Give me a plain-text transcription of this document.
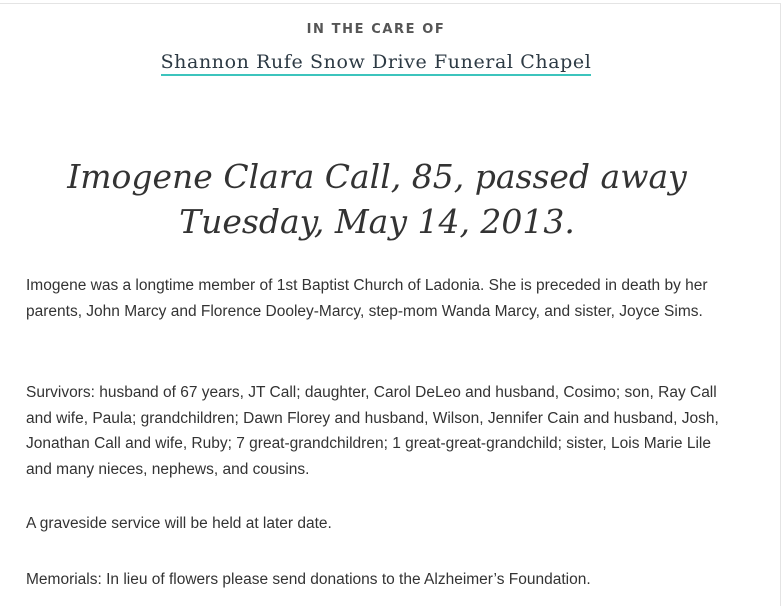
IN THE CARE OF
Shannon Rufe Snow Drive Funeral Chapel
Imogene Clara Call, 85, passed away Tuesday, May 14, 2013.

Imogene was a longtime member of 1st Baptist Church of Ladonia. She is preceded in death by her parents, John Marcy and Florence Dooley-Marcy, step-mom Wanda Marcy, and sister, Joyce Sims.

Survivors: husband of 67 years, JT Call; daughter, Carol DeLeo and husband, Cosimo; son, Ray Call and wife, Paula; grandchildren; Dawn Florey and husband, Wilson, Jennifer Cain and husband, Josh, Jonathan Call and wife, Ruby; 7 great-grandchildren; 1 great-great-grandchild; sister, Lois Marie Lile and many nieces, nephews, and cousins.

A graveside service will be held at later date.

Memorials: In lieu of flowers please send donations to the Alzheimer’s Foundation.
